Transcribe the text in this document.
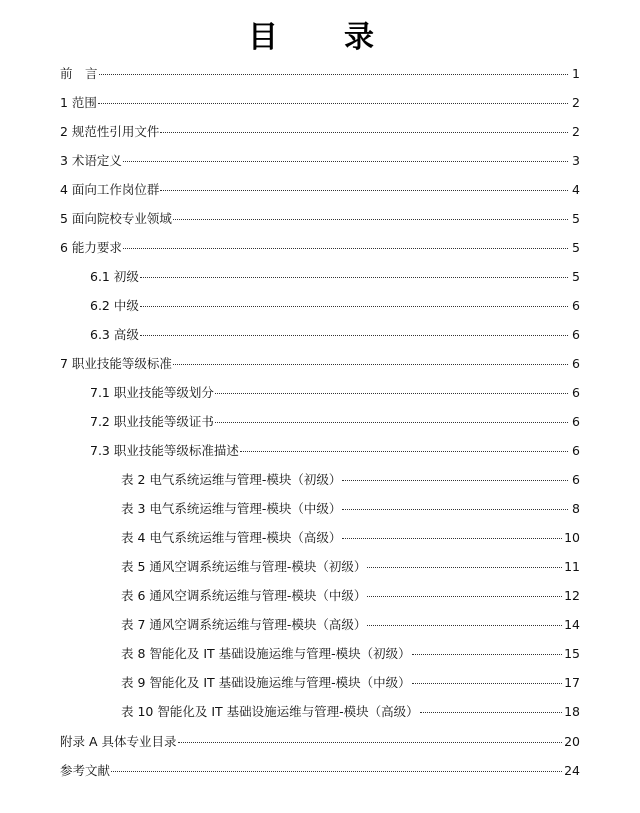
目　录
前　言	1
1 范围	2
2 规范性引用文件	2
3 术语定义	3
4 面向工作岗位群	4
5 面向院校专业领域	5
6 能力要求	5
6.1 初级	5
6.2 中级	6
6.3 高级	6
7 职业技能等级标准	6
7.1 职业技能等级划分	6
7.2 职业技能等级证书	6
7.3 职业技能等级标准描述	6
表 2 电气系统运维与管理-模块（初级）	6
表 3 电气系统运维与管理-模块（中级）	8
表 4 电气系统运维与管理-模块（高级）	10
表 5 通风空调系统运维与管理-模块（初级）	11
表 6 通风空调系统运维与管理-模块（中级）	12
表 7 通风空调系统运维与管理-模块（高级）	14
表 8 智能化及 IT 基础设施运维与管理-模块（初级）	15
表 9 智能化及 IT 基础设施运维与管理-模块（中级）	17
表 10 智能化及 IT 基础设施运维与管理-模块（高级）	18
附录 A 具体专业目录	20
参考文献	24
